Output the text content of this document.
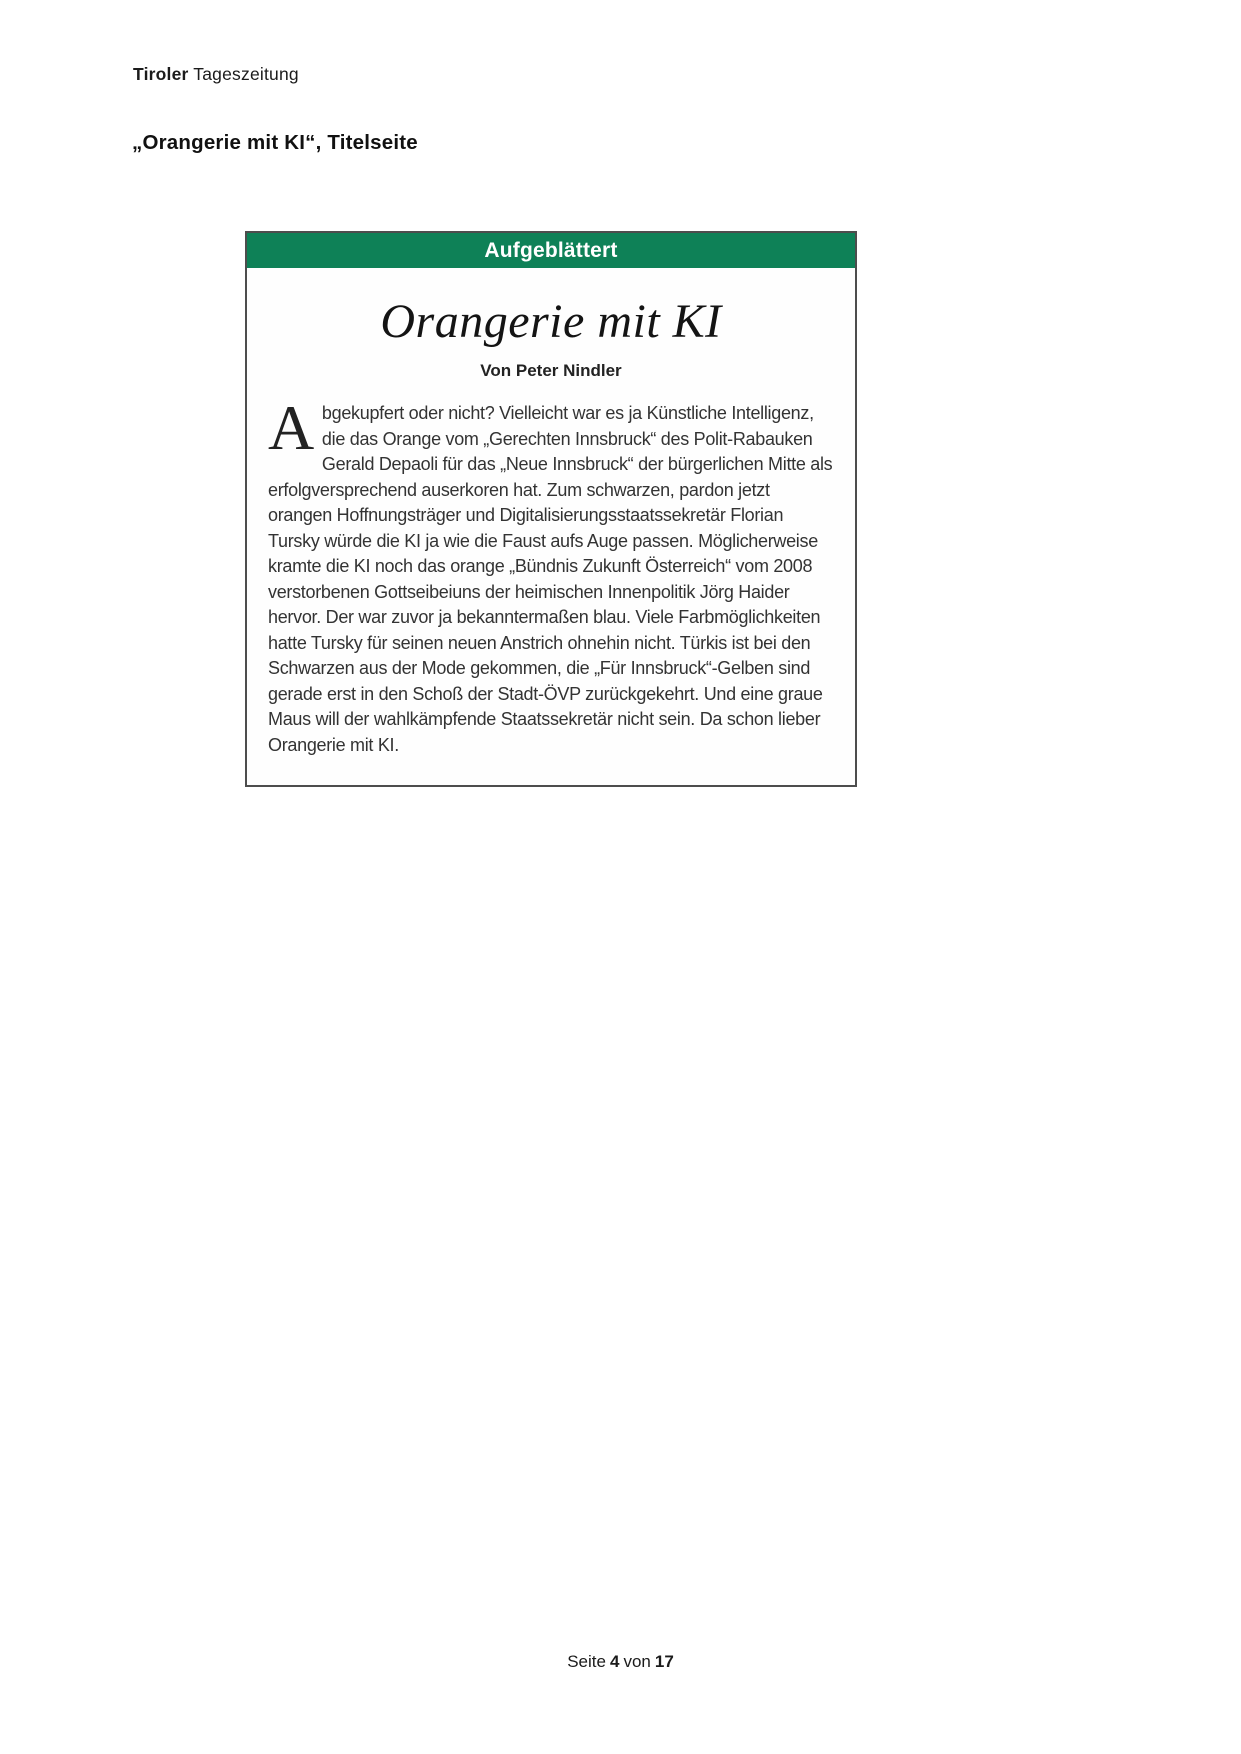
Tiroler Tageszeitung
„Orangerie mit KI“, Titelseite
Aufgeblättert
Orangerie mit KI
Von Peter Nindler
Abgekupfert oder nicht? Vielleicht war es ja Künstliche Intelligenz, die das Orange vom „Gerechten Innsbruck“ des Polit-Rabauken Gerald Depaoli für das „Neue Innsbruck“ der bürgerlichen Mitte als erfolgversprechend auserkoren hat. Zum schwarzen, pardon jetzt orangen Hoffnungsträger und Digitalisierungsstaatssekretär Florian Tursky würde die KI ja wie die Faust aufs Auge passen. Möglicherweise kramte die KI noch das orange „Bündnis Zukunft Österreich“ vom 2008 verstorbenen Gottseibeiuns der heimischen Innenpolitik Jörg Haider hervor. Der war zuvor ja bekanntermaßen blau. Viele Farbmöglichkeiten hatte Tursky für seinen neuen Anstrich ohnehin nicht. Türkis ist bei den Schwarzen aus der Mode gekommen, die „Für Innsbruck“-Gelben sind gerade erst in den Schoß der Stadt-ÖVP zurückgekehrt. Und eine graue Maus will der wahlkämpfende Staatssekretär nicht sein. Da schon lieber Orangerie mit KI.
Seite 4 von 17
